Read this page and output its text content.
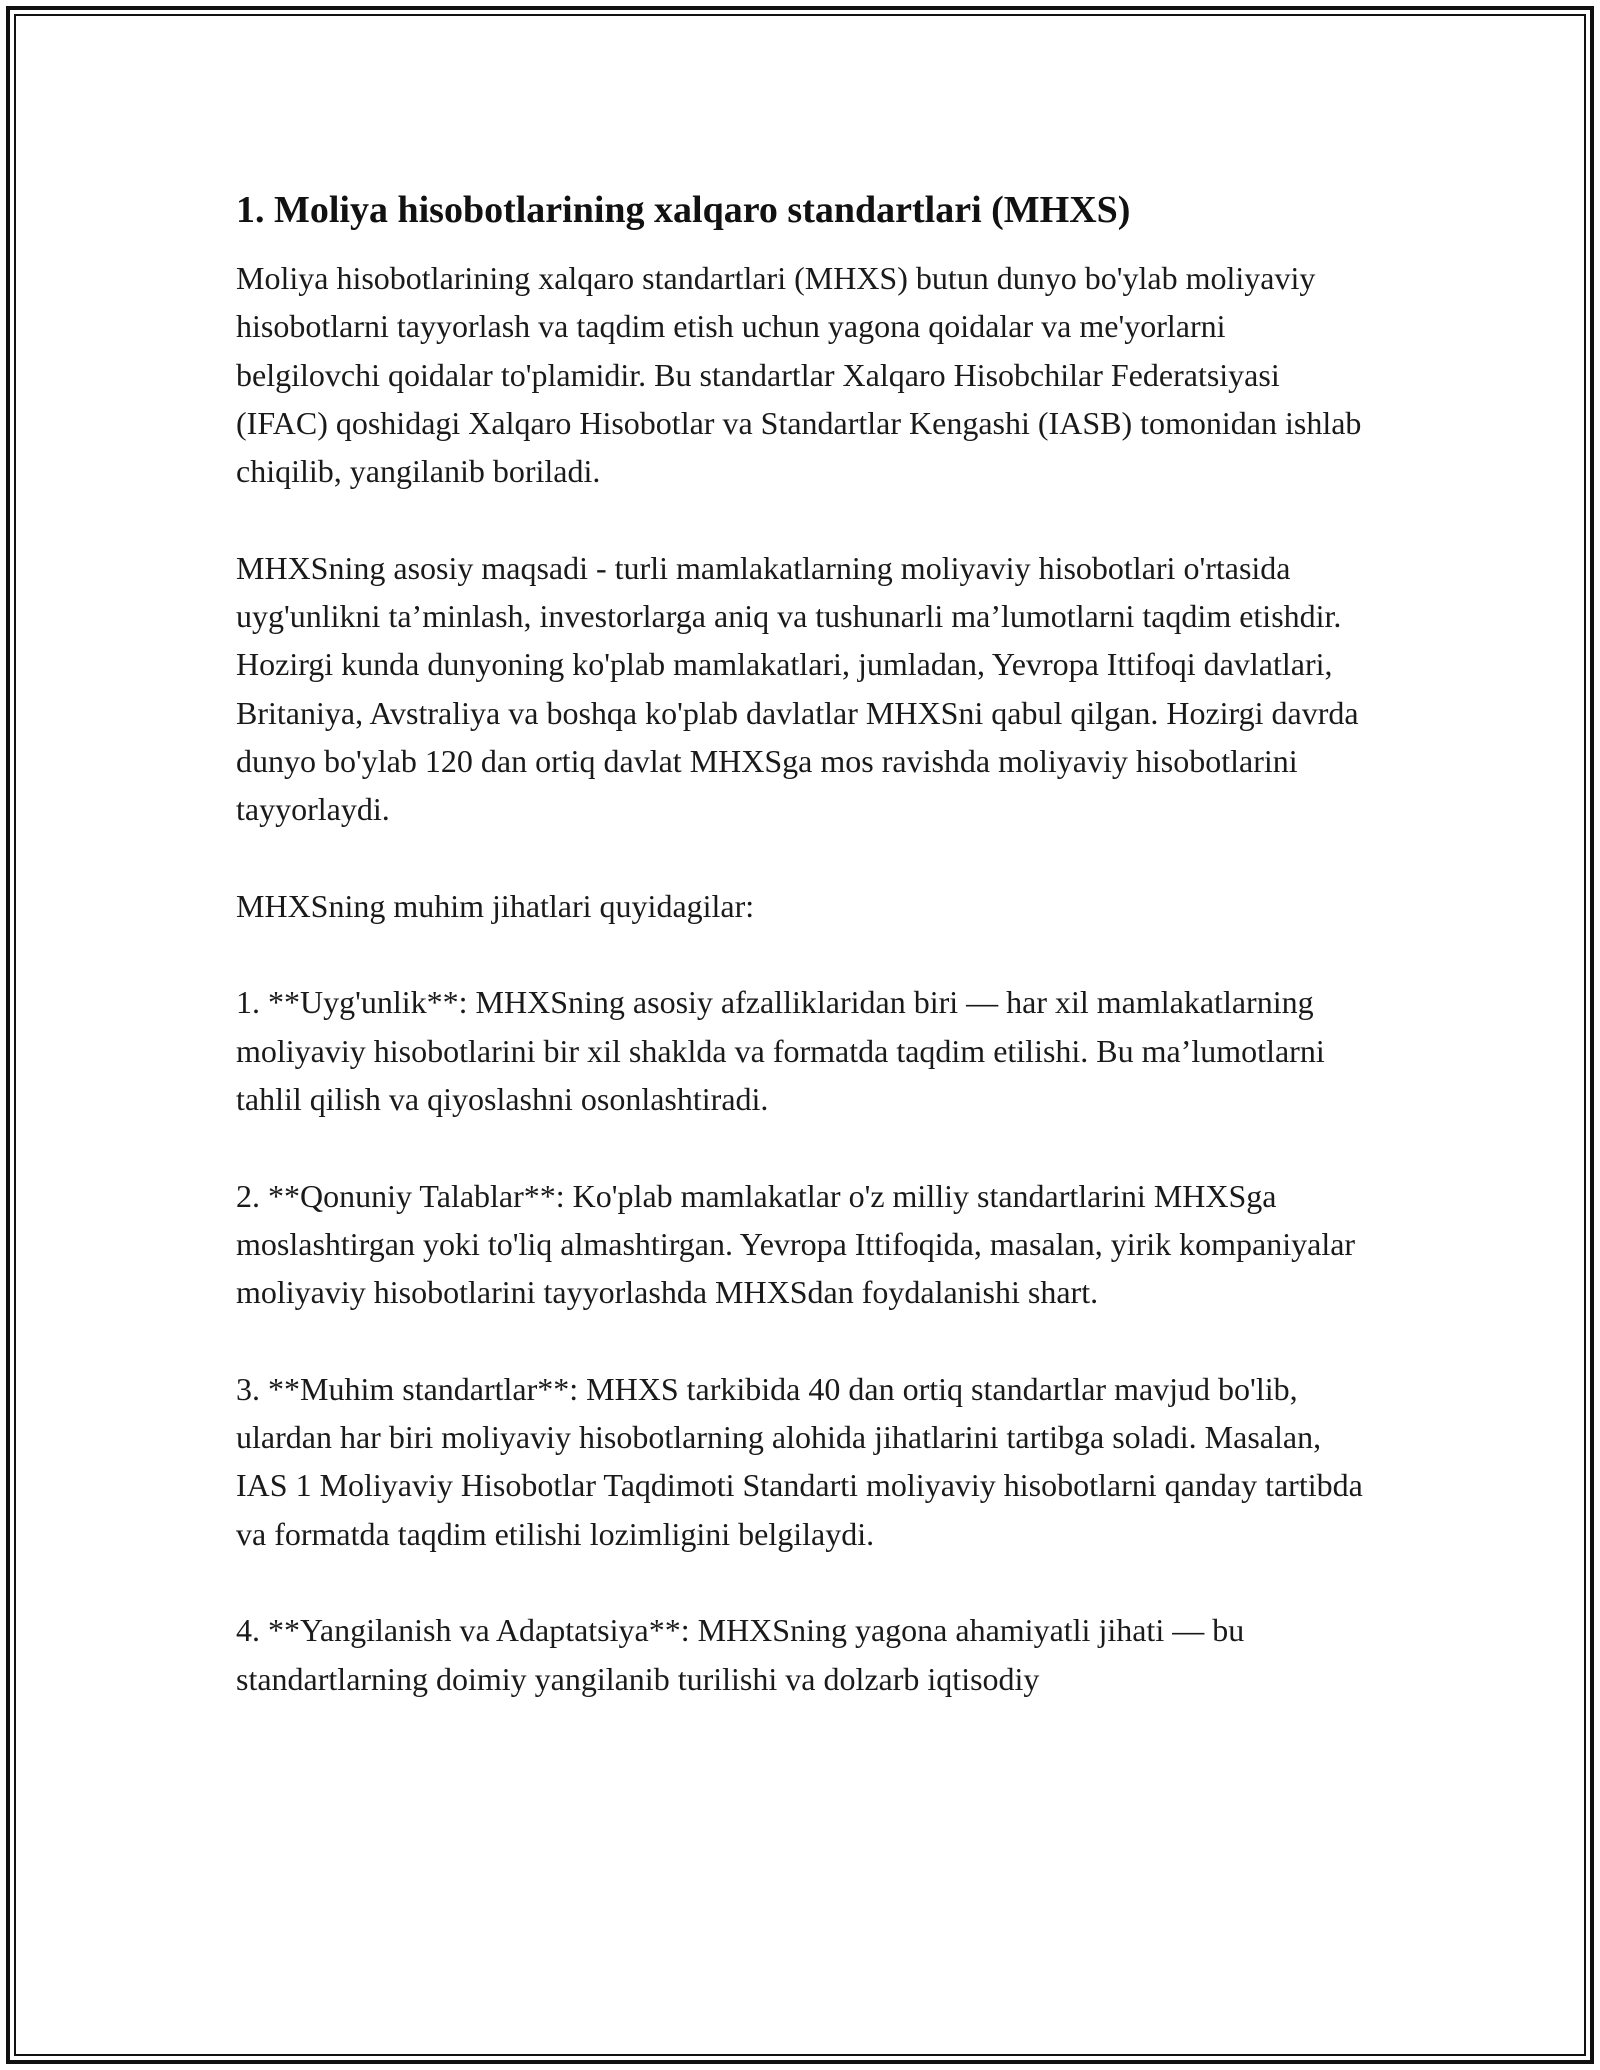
1. Moliya hisobotlarining xalqaro standartlari (MHXS)

Moliya hisobotlarining xalqaro standartlari (MHXS) butun dunyo bo'ylab moliyaviy hisobotlarni tayyorlash va taqdim etish uchun yagona qoidalar va me'yorlarni belgilovchi qoidalar to'plamidir. Bu standartlar Xalqaro Hisobchilar Federatsiyasi (IFAC) qoshidagi Xalqaro Hisobotlar va Standartlar Kengashi (IASB) tomonidan ishlab chiqilib, yangilanib boriladi.

MHXSning asosiy maqsadi - turli mamlakatlarning moliyaviy hisobotlari o'rtasida uyg'unlikni ta’minlash, investorlarga aniq va tushunarli ma’lumotlarni taqdim etishdir. Hozirgi kunda dunyoning ko'plab mamlakatlari, jumladan, Yevropa Ittifoqi davlatlari, Britaniya, Avstraliya va boshqa ko'plab davlatlar MHXSni qabul qilgan. Hozirgi davrda dunyo bo'ylab 120 dan ortiq davlat MHXSga mos ravishda moliyaviy hisobotlarini tayyorlaydi.

MHXSning muhim jihatlari quyidagilar:

1. **Uyg'unlik**: MHXSning asosiy afzalliklaridan biri — har xil mamlakatlarning moliyaviy hisobotlarini bir xil shaklda va formatda taqdim etilishi. Bu ma’lumotlarni tahlil qilish va qiyoslashni osonlashtiradi.

2. **Qonuniy Talablar**: Ko'plab mamlakatlar o'z milliy standartlarini MHXSga moslashtirgan yoki to'liq almashtirgan. Yevropa Ittifoqida, masalan, yirik kompaniyalar moliyaviy hisobotlarini tayyorlashda MHXSdan foydalanishi shart.

3. **Muhim standartlar**: MHXS tarkibida 40 dan ortiq standartlar mavjud bo'lib, ulardan har biri moliyaviy hisobotlarning alohida jihatlarini tartibga soladi. Masalan, IAS 1 Moliyaviy Hisobotlar Taqdimoti Standarti moliyaviy hisobotlarni qanday tartibda va formatda taqdim etilishi lozimligini belgilaydi.

4. **Yangilanish va Adaptatsiya**: MHXSning yagona ahamiyatli jihati — bu standartlarning doimiy yangilanib turilishi va dolzarb iqtisodiy
